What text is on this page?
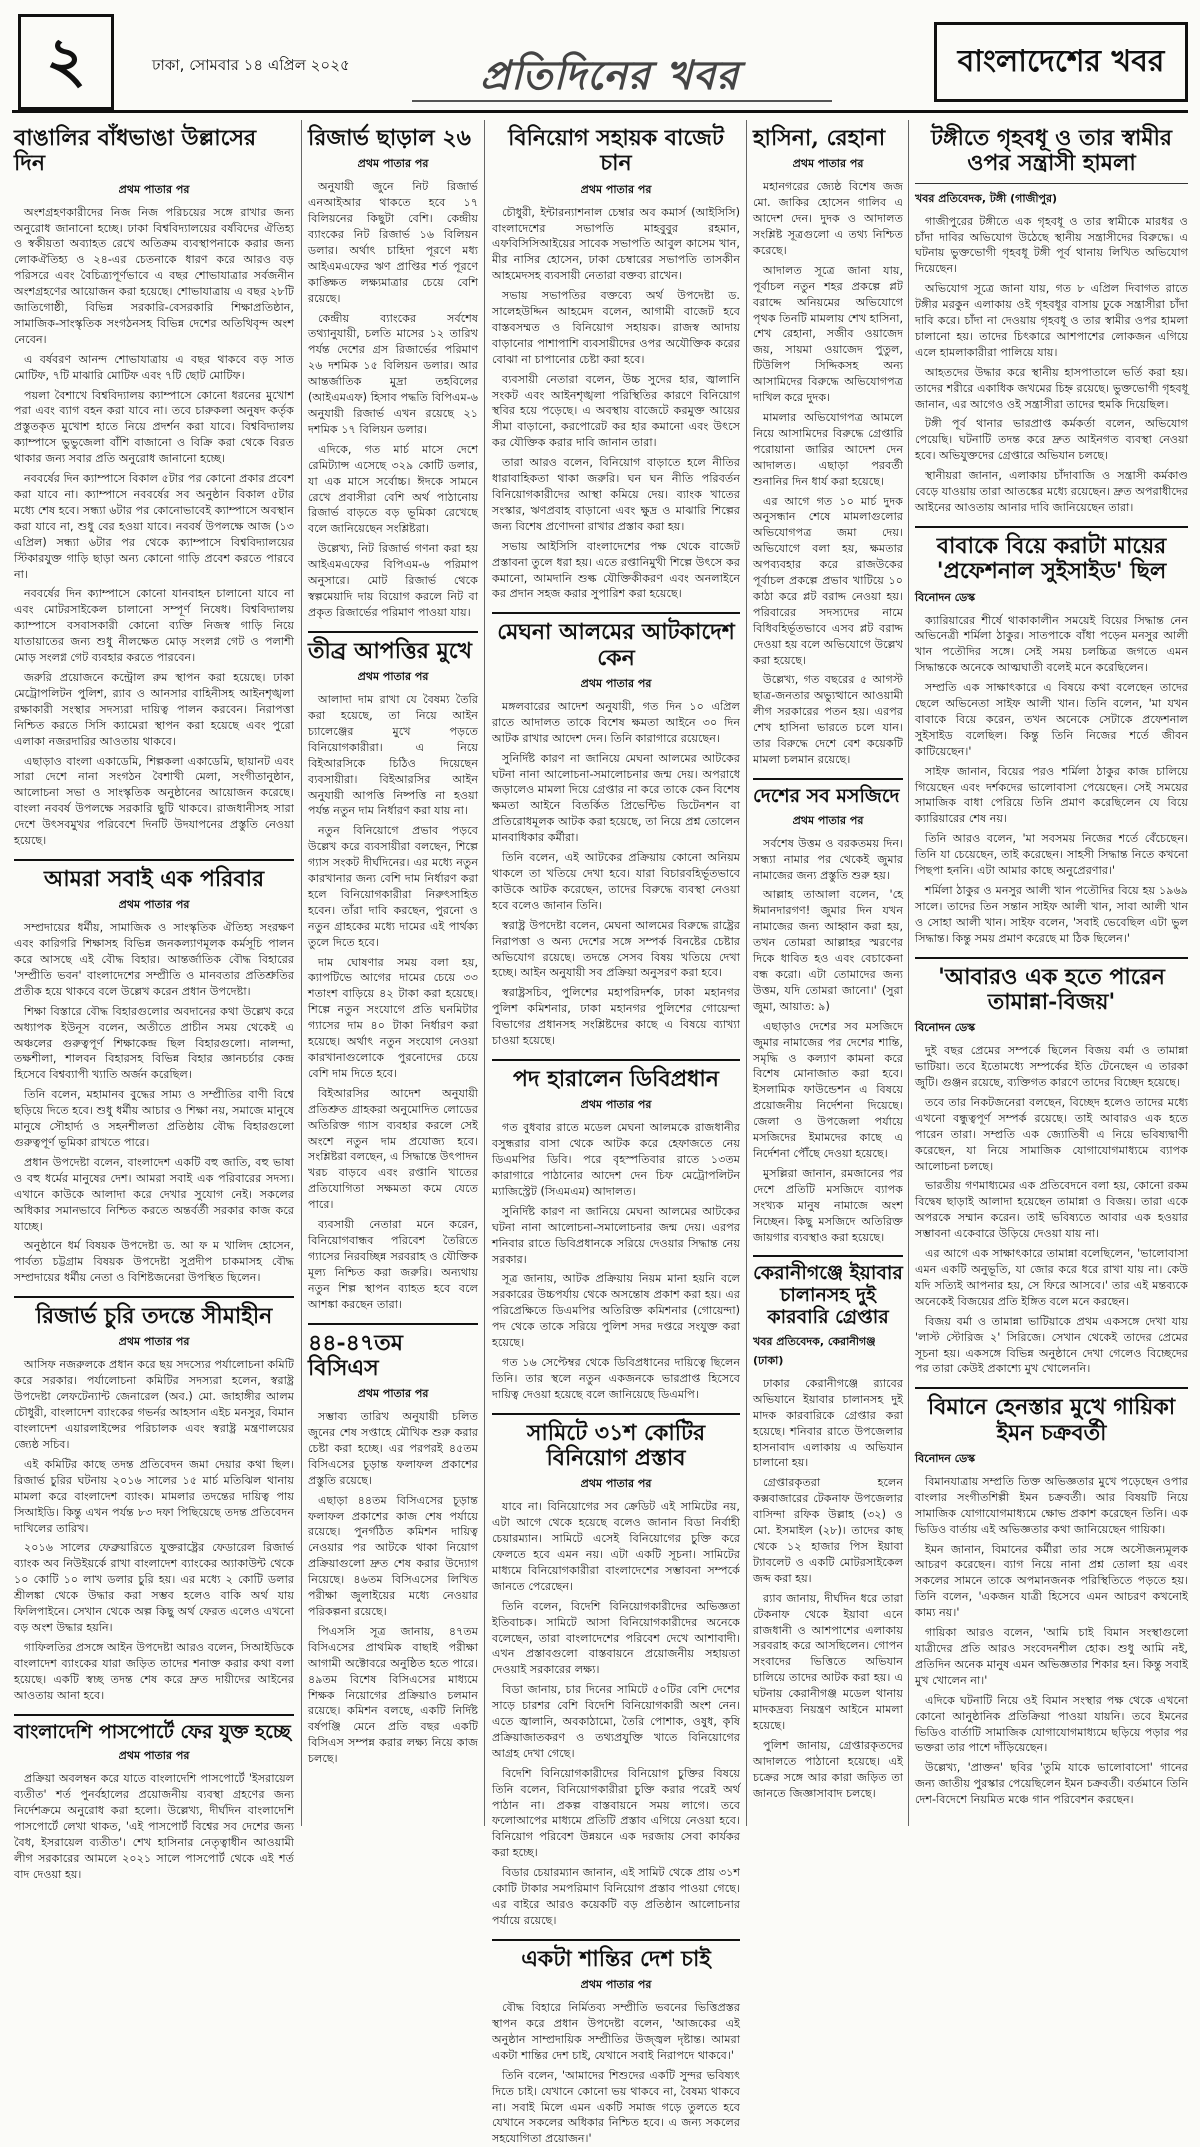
২	ঢাকা, সোমবার ১৪ এপ্রিল ২০২৫	প্রতিদিনের খবর	বাংলাদেশের খবর
বাঙালির বাঁধভাঙা উল্লাসের দিন
প্রথম পাতার পর

অংশগ্রহণকারীদের নিজ নিজ পরিচয়ের সঙ্গে রাখার জন্য অনুরোধ জানানো হচ্ছে। ঢাকা বিশ্ববিদ্যালয়ের বর্ষবিদের ঐতিহ্য ও স্বকীয়তা অব্যাহত রেখে অতিক্রম ব্যবস্থাপনাকে করার জন্য লোকঐতিহ্য ও ২৪-এর চেতনাকে ধারণ করে আরও বড় পরিসরে এবং বৈচিত্র্যপূর্ণভাবে এ বছর শোভাযাত্রার সর্বজনীন অংশগ্রহণের আয়োজন করা হয়েছে। শোভাযাত্রায় এ বছর ২৮টি জাতিগোষ্ঠী, বিভিন্ন সরকারি-বেসরকারি শিক্ষাপ্রতিষ্ঠান, সামাজিক-সাংস্কৃতিক সংগঠনসহ বিভিন্ন দেশের অতিথিবৃন্দ অংশ নেবেন।

এ বর্ষবরণ আনন্দ শোভাযাত্রায় এ বছর থাকবে বড় সাত মোটিফ, ৭টি মাঝারি মোটিফ এবং ৭টি ছোট মোটিফ।

পয়লা বৈশাখে বিশ্ববিদ্যালয় ক্যাম্পাসে কোনো ধরনের মুখোশ পরা এবং ব্যাগ বহন করা যাবে না। তবে চারুকলা অনুষদ কর্তৃক প্রস্তুতকৃত মুখোশ হাতে নিয়ে প্রদর্শন করা যাবে। বিশ্ববিদ্যালয় ক্যাম্পাসে ভুভুজেলা বাঁশি বাজানো ও বিক্রি করা থেকে বিরত থাকার জন্য সবার প্রতি অনুরোধ জানানো হচ্ছে।

নববর্ষের দিন ক্যাম্পাসে বিকাল ৫টার পর কোনো প্রকার প্রবেশ করা যাবে না। ক্যাম্পাসে নববর্ষের সব অনুষ্ঠান বিকাল ৫টার মধ্যে শেষ হবে। সন্ধ্যা ৬টার পর কোনোভাবেই ক্যাম্পাসে অবস্থান করা যাবে না, শুধু বের হওয়া যাবে। নববর্ষ উপলক্ষে আজ (১৩ এপ্রিল) সন্ধ্যা ৬টার পর থেকে ক্যাম্পাসে বিশ্ববিদ্যালয়ের স্টিকারযুক্ত গাড়ি ছাড়া অন্য কোনো গাড়ি প্রবেশ করতে পারবে না।

নববর্ষের দিন ক্যাম্পাসে কোনো যানবাহন চালানো যাবে না এবং মোটরসাইকেল চালানো সম্পূর্ণ নিষেধ। বিশ্ববিদ্যালয় ক্যাম্পাসে বসবাসকারী কোনো ব্যক্তি নিজস্ব গাড়ি নিয়ে যাতায়াতের জন্য শুধু নীলক্ষেত মোড় সংলগ্ন গেট ও পলাশী মোড় সংলগ্ন গেট ব্যবহার করতে পারবেন।

জরুরি প্রয়োজনে কন্ট্রোল রুম স্থাপন করা হয়েছে। ঢাকা মেট্রোপলিটন পুলিশ, র‍্যাব ও আনসার বাহিনীসহ আইনশৃঙ্খলা রক্ষাকারী সংস্থার সদস্যরা দায়িত্ব পালন করবেন। নিরাপত্তা নিশ্চিত করতে সিসি ক্যামেরা স্থাপন করা হয়েছে এবং পুরো এলাকা নজরদারির আওতায় থাকবে।

এছাড়াও বাংলা একাডেমি, শিল্পকলা একাডেমি, ছায়ানট এবং সারা দেশে নানা সংগঠন বৈশাখী মেলা, সংগীতানুষ্ঠান, আলোচনা সভা ও সাংস্কৃতিক অনুষ্ঠানের আয়োজন করেছে। বাংলা নববর্ষ উপলক্ষে সরকারি ছুটি থাকবে। রাজধানীসহ সারা দেশে উৎসবমুখর পরিবেশে দিনটি উদযাপনের প্রস্তুতি নেওয়া হয়েছে।

আমরা সবাই এক পরিবার
প্রথম পাতার পর

সম্প্রদায়ের ধর্মীয়, সামাজিক ও সাংস্কৃতিক ঐতিহ্য সংরক্ষণ এবং কারিগরি শিক্ষাসহ বিভিন্ন জনকল্যাণমূলক কর্মসূচি পালন করে আসছে এই বৌদ্ধ বিহার। আন্তর্জাতিক বৌদ্ধ বিহারের 'সম্প্রীতি ভবন' বাংলাদেশের সম্প্রীতি ও মানবতার প্রতিশ্রুতির প্রতীক হয়ে থাকবে বলে উল্লেখ করেন প্রধান উপদেষ্টা।

শিক্ষা বিস্তারে বৌদ্ধ বিহারগুলোর অবদানের কথা উল্লেখ করে অধ্যাপক ইউনূস বলেন, অতীতে প্রাচীন সময় থেকেই এ অঞ্চলের গুরুত্বপূর্ণ শিক্ষাকেন্দ্র ছিল বিহারগুলো। নালন্দা, তক্ষশীলা, শালবন বিহারসহ বিভিন্ন বিহার জ্ঞানচর্চার কেন্দ্র হিসেবে বিশ্বব্যাপী খ্যাতি অর্জন করেছিল।

তিনি বলেন, মহামানব বুদ্ধের সাম্য ও সম্প্রীতির বাণী বিশ্বে ছড়িয়ে দিতে হবে। শুধু ধর্মীয় আচার ও শিক্ষা নয়, সমাজে মানুষে মানুষে সৌহার্দ্য ও সহনশীলতা প্রতিষ্ঠায় বৌদ্ধ বিহারগুলো গুরুত্বপূর্ণ ভূমিকা রাখতে পারে।

প্রধান উপদেষ্টা বলেন, বাংলাদেশ একটি বহু জাতি, বহু ভাষা ও বহু ধর্মের মানুষের দেশ। আমরা সবাই এক পরিবারের সদস্য। এখানে কাউকে আলাদা করে দেখার সুযোগ নেই। সকলের অধিকার সমানভাবে নিশ্চিত করতে অন্তর্বর্তী সরকার কাজ করে যাচ্ছে।

অনুষ্ঠানে ধর্ম বিষয়ক উপদেষ্টা ড. আ ফ ম খালিদ হোসেন, পার্বত্য চট্টগ্রাম বিষয়ক উপদেষ্টা সুপ্রদীপ চাকমাসহ বৌদ্ধ সম্প্রদায়ের ধর্মীয় নেতা ও বিশিষ্টজনেরা উপস্থিত ছিলেন।

রিজার্ভ চুরি তদন্তে সীমাহীন
প্রথম পাতার পর

আসিফ নজরুলকে প্রধান করে ছয় সদস্যের পর্যালোচনা কমিটি করে সরকার। পর্যালোচনা কমিটির সদস্যরা হলেন, স্বরাষ্ট্র উপদেষ্টা লেফটেন্যান্ট জেনারেল (অব.) মো. জাহাঙ্গীর আলম চৌধুরী, বাংলাদেশ ব্যাংকের গভর্নর আহসান এইচ মনসুর, বিমান বাংলাদেশ এয়ারলাইন্সের পরিচালক এবং স্বরাষ্ট্র মন্ত্রণালয়ের জ্যেষ্ঠ সচিব।

এই কমিটির কাছে তদন্ত প্রতিবেদন জমা দেয়ার কথা ছিল। রিজার্ভ চুরির ঘটনায় ২০১৬ সালের ১৫ মার্চ মতিঝিল থানায় মামলা করে বাংলাদেশ ব্যাংক। মামলার তদন্তের দায়িত্ব পায় সিআইডি। কিন্তু এখন পর্যন্ত ৮৩ দফা পিছিয়েছে তদন্ত প্রতিবেদন দাখিলের তারিখ।

২০১৬ সালের ফেব্রুয়ারিতে যুক্তরাষ্ট্রের ফেডারেল রিজার্ভ ব্যাংক অব নিউইয়র্কে রাখা বাংলাদেশ ব্যাংকের অ্যাকাউন্ট থেকে ১০ কোটি ১০ লাখ ডলার চুরি হয়। এর মধ্যে ২ কোটি ডলার শ্রীলঙ্কা থেকে উদ্ধার করা সম্ভব হলেও বাকি অর্থ যায় ফিলিপাইনে। সেখান থেকে অল্প কিছু অর্থ ফেরত এলেও এখনো বড় অংশ উদ্ধার হয়নি।

গাফিলতির প্রসঙ্গে আইন উপদেষ্টা আরও বলেন, সিআইডিকে বাংলাদেশ ব্যাংকের যারা জড়িত তাদের শনাক্ত করার কথা বলা হয়েছে। একটি স্বচ্ছ তদন্ত শেষ করে দ্রুত দায়ীদের আইনের আওতায় আনা হবে।

বাংলাদেশি পাসপোর্টে ফের যুক্ত হচ্ছে
প্রথম পাতার পর

প্রক্রিয়া অবলম্বন করে যাতে বাংলাদেশি পাসপোর্টে 'ইসরায়েল ব্যতীত' শর্ত পুনর্বহালের প্রয়োজনীয় ব্যবস্থা গ্রহণের জন্য নির্দেশক্রমে অনুরোধ করা হলো। উল্লেখ্য, দীর্ঘদিন বাংলাদেশি পাসপোর্টে লেখা থাকত, 'এই পাসপোর্ট বিশ্বের সব দেশের জন্য বৈধ, ইসরায়েল ব্যতীত'। শেখ হাসিনার নেতৃত্বাধীন আওয়ামী লীগ সরকারের আমলে ২০২১ সালে পাসপোর্ট থেকে এই শর্ত বাদ দেওয়া হয়।

রিজার্ভ ছাড়াল ২৬
প্রথম পাতার পর

অনুযায়ী জুনে নিট রিজার্ভ এনআইআর থাকতে হবে ১৭ বিলিয়নের কিছুটা বেশি। কেন্দ্রীয় ব্যাংকের নিট রিজার্ভ ১৬ বিলিয়ন ডলার। অর্থাৎ চাহিদা পূরণে মধ্য আইএমএফের ঋণ প্রাপ্তির শর্ত পূরণে কাঙ্ক্ষিত লক্ষ্যমাত্রার চেয়ে বেশি রয়েছে।

কেন্দ্রীয় ব্যাংকের সর্বশেষ তথ্যানুযায়ী, চলতি মাসের ১২ তারিখ পর্যন্ত দেশের গ্রস রিজার্ভের পরিমাণ ২৬ দশমিক ১৫ বিলিয়ন ডলার। আর আন্তর্জাতিক মুদ্রা তহবিলের (আইএমএফ) হিসাব পদ্ধতি বিপিএম-৬ অনুযায়ী রিজার্ভ এখন রয়েছে ২১ দশমিক ১৭ বিলিয়ন ডলার।

এদিকে, গত মার্চ মাসে দেশে রেমিট্যান্স এসেছে ৩২৯ কোটি ডলার, যা এক মাসে সর্বোচ্চ। ঈদকে সামনে রেখে প্রবাসীরা বেশি অর্থ পাঠানোয় রিজার্ভ বাড়তে বড় ভূমিকা রেখেছে বলে জানিয়েছেন সংশ্লিষ্টরা।

উল্লেখ্য, নিট রিজার্ভ গণনা করা হয় আইএমএফের বিপিএম-৬ পরিমাপ অনুসারে। মোট রিজার্ভ থেকে স্বল্পমেয়াদি দায় বিয়োগ করলে নিট বা প্রকৃত রিজার্ভের পরিমাণ পাওয়া যায়।

তীব্র আপত্তির মুখে
প্রথম পাতার পর

আলাদা দাম রাখা যে বৈষম্য তৈরি করা হয়েছে, তা নিয়ে আইন চ্যালেঞ্জের মুখে পড়তে বিনিয়োগকারীরা। এ নিয়ে বিইআরসিকে চিঠিও দিয়েছেন ব্যবসায়ীরা। বিইআরসির আইন অনুযায়ী আপত্তি নিষ্পত্তি না হওয়া পর্যন্ত নতুন দাম নির্ধারণ করা যায় না।

নতুন বিনিয়োগে প্রভাব পড়বে উল্লেখ করে ব্যবসায়ীরা বলছেন, শিল্পে গ্যাস সংকট দীর্ঘদিনের। এর মধ্যে নতুন কারখানার জন্য বেশি দাম নির্ধারণ করা হলে বিনিয়োগকারীরা নিরুৎসাহিত হবেন। তাঁরা দাবি করছেন, পুরনো ও নতুন গ্রাহকের মধ্যে দামের এই পার্থক্য তুলে দিতে হবে।

দাম ঘোষণার সময় বলা হয়, ক্যাপটিভে আগের দামের চেয়ে ৩৩ শতাংশ বাড়িয়ে ৪২ টাকা করা হয়েছে। শিল্পে নতুন সংযোগে প্রতি ঘনমিটার গ্যাসের দাম ৪০ টাকা নির্ধারণ করা হয়েছে। অর্থাৎ নতুন সংযোগ নেওয়া কারখানাগুলোকে পুরনোদের চেয়ে বেশি দাম দিতে হবে।

বিইআরসির আদেশ অনুযায়ী প্রতিশ্রুত গ্রাহকরা অনুমোদিত লোডের অতিরিক্ত গ্যাস ব্যবহার করলে সেই অংশে নতুন দাম প্রযোজ্য হবে। সংশ্লিষ্টরা বলছেন, এ সিদ্ধান্তে উৎপাদন খরচ বাড়বে এবং রপ্তানি খাতের প্রতিযোগিতা সক্ষমতা কমে যেতে পারে।

ব্যবসায়ী নেতারা মনে করেন, বিনিয়োগবান্ধব পরিবেশ তৈরিতে গ্যাসের নিরবচ্ছিন্ন সরবরাহ ও যৌক্তিক মূল্য নিশ্চিত করা জরুরি। অন্যথায় নতুন শিল্প স্থাপন ব্যাহত হবে বলে আশঙ্কা করছেন তারা।

৪৪-৪৭তম বিসিএস
প্রথম পাতার পর

সম্ভাব্য তারিখ অনুযায়ী চলিত জুনের শেষ সপ্তাহে মৌখিক শুরু করার চেষ্টা করা হচ্ছে। এর পরপরই ৪৫তম বিসিএসের চূড়ান্ত ফলাফল প্রকাশের প্রস্তুতি রয়েছে।

এছাড়া ৪৪তম বিসিএসের চূড়ান্ত ফলাফল প্রকাশের কাজ শেষ পর্যায়ে রয়েছে। পুনর্গঠিত কমিশন দায়িত্ব নেওয়ার পর আটকে থাকা নিয়োগ প্রক্রিয়াগুলো দ্রুত শেষ করার উদ্যোগ নিয়েছে। ৪৬তম বিসিএসের লিখিত পরীক্ষা জুলাইয়ের মধ্যে নেওয়ার পরিকল্পনা রয়েছে।

পিএসসি সূত্র জানায়, ৪৭তম বিসিএসের প্রাথমিক বাছাই পরীক্ষা আগামী অক্টোবরে অনুষ্ঠিত হতে পারে। ৪৯তম বিশেষ বিসিএসের মাধ্যমে শিক্ষক নিয়োগের প্রক্রিয়াও চলমান রয়েছে। কমিশন বলছে, একটি নির্দিষ্ট বর্ষপঞ্জি মেনে প্রতি বছর একটি বিসিএস সম্পন্ন করার লক্ষ্য নিয়ে কাজ চলছে।

বিনিয়োগ সহায়ক বাজেট চান
প্রথম পাতার পর

চৌধুরী, ইন্টারন্যাশনাল চেম্বার অব কমার্স (আইসিসি) বাংলাদেশের সভাপতি মাহবুবুর রহমান, এফবিসিসিআইয়ের সাবেক সভাপতি আবুল কাসেম খান, মীর নাসির হোসেন, ঢাকা চেম্বারের সভাপতি তাসকীন আহমেদসহ ব্যবসায়ী নেতারা বক্তব্য রাখেন।

সভায় সভাপতির বক্তব্যে অর্থ উপদেষ্টা ড. সালেহউদ্দিন আহমেদ বলেন, আগামী বাজেট হবে বাস্তবসম্মত ও বিনিয়োগ সহায়ক। রাজস্ব আদায় বাড়ানোর পাশাপাশি ব্যবসায়ীদের ওপর অযৌক্তিক করের বোঝা না চাপানোর চেষ্টা করা হবে।

ব্যবসায়ী নেতারা বলেন, উচ্চ সুদের হার, জ্বালানি সংকট এবং আইনশৃঙ্খলা পরিস্থিতির কারণে বিনিয়োগ স্থবির হয়ে পড়েছে। এ অবস্থায় বাজেটে করমুক্ত আয়ের সীমা বাড়ানো, করপোরেট কর হার কমানো এবং উৎসে কর যৌক্তিক করার দাবি জানান তারা।

তারা আরও বলেন, বিনিয়োগ বাড়াতে হলে নীতির ধারাবাহিকতা থাকা জরুরি। ঘন ঘন নীতি পরিবর্তন বিনিয়োগকারীদের আস্থা কমিয়ে দেয়। ব্যাংক খাতের সংস্কার, ঋণপ্রবাহ বাড়ানো এবং ক্ষুদ্র ও মাঝারি শিল্পের জন্য বিশেষ প্রণোদনা রাখার প্রস্তাব করা হয়।

সভায় আইসিসি বাংলাদেশের পক্ষ থেকে বাজেট প্রস্তাবনা তুলে ধরা হয়। এতে রপ্তানিমুখী শিল্পে উৎসে কর কমানো, আমদানি শুল্ক যৌক্তিকীকরণ এবং অনলাইনে কর প্রদান সহজ করার সুপারিশ করা হয়েছে।

মেঘনা আলমের আটকাদেশ কেন
প্রথম পাতার পর

মঙ্গলবারের আদেশ অনুযায়ী, গত দিন ১০ এপ্রিল রাতে আদালত তাকে বিশেষ ক্ষমতা আইনে ৩০ দিন আটক রাখার আদেশ দেন। তিনি কারাগারে রয়েছেন।

সুনির্দিষ্ট কারণ না জানিয়ে মেঘনা আলমের আটকের ঘটনা নানা আলোচনা-সমালোচনার জন্ম দেয়। অপরাধে জড়ালেও মামলা দিয়ে গ্রেপ্তার না করে তাকে কেন বিশেষ ক্ষমতা আইনে বিতর্কিত প্রিভেন্টিভ ডিটেনশন বা প্রতিরোধমূলক আটক করা হয়েছে, তা নিয়ে প্রশ্ন তোলেন মানবাধিকার কর্মীরা।

তিনি বলেন, এই আটকের প্রক্রিয়ায় কোনো অনিয়ম থাকলে তা খতিয়ে দেখা হবে। যারা বিচারবহির্ভূতভাবে কাউকে আটক করেছেন, তাদের বিরুদ্ধে ব্যবস্থা নেওয়া হবে বলেও জানান তিনি।

স্বরাষ্ট্র উপদেষ্টা বলেন, মেঘনা আলমের বিরুদ্ধে রাষ্ট্রের নিরাপত্তা ও অন্য দেশের সঙ্গে সম্পর্ক বিনষ্টের চেষ্টার অভিযোগ রয়েছে। তদন্তে সেসব বিষয় খতিয়ে দেখা হচ্ছে। আইন অনুযায়ী সব প্রক্রিয়া অনুসরণ করা হবে।

স্বরাষ্ট্রসচিব, পুলিশের মহাপরিদর্শক, ঢাকা মহানগর পুলিশ কমিশনার, ঢাকা মহানগর পুলিশের গোয়েন্দা বিভাগের প্রধানসহ সংশ্লিষ্টদের কাছে এ বিষয়ে ব্যাখ্যা চাওয়া হয়েছে।

পদ হারালেন ডিবিপ্রধান
প্রথম পাতার পর

গত বুধবার রাতে মডেল মেঘনা আলমকে রাজধানীর বসুন্ধরার বাসা থেকে আটক করে হেফাজতে নেয় ডিএমপির ডিবি। পরে বৃহস্পতিবার রাতে ১৩তম কারাগারে পাঠানোর আদেশ দেন চিফ মেট্রোপলিটন ম্যাজিস্ট্রেট (সিএমএম) আদালত।

সুনির্দিষ্ট কারণ না জানিয়ে মেঘনা আলমের আটকের ঘটনা নানা আলোচনা-সমালোচনার জন্ম দেয়। এরপর শনিবার রাতে ডিবিপ্রধানকে সরিয়ে দেওয়ার সিদ্ধান্ত নেয় সরকার।

সূত্র জানায়, আটক প্রক্রিয়ায় নিয়ম মানা হয়নি বলে সরকারের উচ্চপর্যায় থেকে অসন্তোষ প্রকাশ করা হয়। এর পরিপ্রেক্ষিতে ডিএমপির অতিরিক্ত কমিশনার (গোয়েন্দা) পদ থেকে তাকে সরিয়ে পুলিশ সদর দপ্তরে সংযুক্ত করা হয়েছে।

গত ১৬ সেপ্টেম্বর থেকে ডিবিপ্রধানের দায়িত্বে ছিলেন তিনি। তার স্থলে নতুন একজনকে ভারপ্রাপ্ত হিসেবে দায়িত্ব দেওয়া হয়েছে বলে জানিয়েছে ডিএমপি।

সামিটে ৩১শ কোটির বিনিয়োগ প্রস্তাব
প্রথম পাতার পর

যাবে না। বিনিয়োগের সব ক্রেডিট এই সামিটের নয়, এটা আগে থেকে হয়েছে বলেও জানান বিডা নির্বাহী চেয়ারম্যান। সামিটে এসেই বিনিয়োগের চুক্তি করে ফেলতে হবে এমন নয়। এটা একটি সূচনা। সামিটের মাধ্যমে বিনিয়োগকারীরা বাংলাদেশের সম্ভাবনা সম্পর্কে জানতে পেরেছেন।

তিনি বলেন, বিদেশি বিনিয়োগকারীদের অভিজ্ঞতা ইতিবাচক। সামিটে আসা বিনিয়োগকারীদের অনেকে বলেছেন, তারা বাংলাদেশের পরিবেশ দেখে আশাবাদী। এখন প্রস্তাবগুলো বাস্তবায়নে প্রয়োজনীয় সহায়তা দেওয়াই সরকারের লক্ষ্য।

বিডা জানায়, চার দিনের সামিটে ৫০টির বেশি দেশের সাড়ে চারশর বেশি বিদেশি বিনিয়োগকারী অংশ নেন। এতে জ্বালানি, অবকাঠামো, তৈরি পোশাক, ওষুধ, কৃষি প্রক্রিয়াজাতকরণ ও তথ্যপ্রযুক্তি খাতে বিনিয়োগের আগ্রহ দেখা গেছে।

বিদেশি বিনিয়োগকারীদের বিনিয়োগ চুক্তির বিষয়ে তিনি বলেন, বিনিয়োগকারীরা চুক্তি করার পরেই অর্থ পাঠান না। প্রকল্প বাস্তবায়নে সময় লাগে। তবে ফলোআপের মাধ্যমে প্রতিটি প্রস্তাব এগিয়ে নেওয়া হবে। বিনিয়োগ পরিবেশ উন্নয়নে এক দরজায় সেবা কার্যকর করা হচ্ছে।

বিডার চেয়ারম্যান জানান, এই সামিট থেকে প্রায় ৩১শ কোটি টাকার সমপরিমাণ বিনিয়োগ প্রস্তাব পাওয়া গেছে। এর বাইরে আরও কয়েকটি বড় প্রতিষ্ঠান আলোচনার পর্যায়ে রয়েছে।

একটা শান্তির দেশ চাই
প্রথম পাতার পর

বৌদ্ধ বিহারে নির্মিতব্য সম্প্রীতি ভবনের ভিত্তিপ্রস্তর স্থাপন করে প্রধান উপদেষ্টা বলেন, 'আজকের এই অনুষ্ঠান সাম্প্রদায়িক সম্প্রীতির উজ্জ্বল দৃষ্টান্ত। আমরা একটা শান্তির দেশ চাই, যেখানে সবাই নিরাপদে থাকবে।'

তিনি বলেন, 'আমাদের শিশুদের একটি সুন্দর ভবিষ্যৎ দিতে চাই। যেখানে কোনো ভয় থাকবে না, বৈষম্য থাকবে না। সবাই মিলে এমন একটি সমাজ গড়ে তুলতে হবে যেখানে সকলের অধিকার নিশ্চিত হবে। এ জন্য সকলের সহযোগিতা প্রয়োজন।'

হাসিনা, রেহানা
প্রথম পাতার পর

মহানগরের জ্যেষ্ঠ বিশেষ জজ মো. জাকির হোসেন গালিব এ আদেশ দেন। দুদক ও আদালত সংশ্লিষ্ট সূত্রগুলো এ তথ্য নিশ্চিত করেছে।

আদালত সূত্রে জানা যায়, পূর্বাচল নতুন শহর প্রকল্পে প্লট বরাদ্দে অনিয়মের অভিযোগে পৃথক তিনটি মামলায় শেখ হাসিনা, শেখ রেহানা, সজীব ওয়াজেদ জয়, সায়মা ওয়াজেদ পুতুল, টিউলিপ সিদ্দিকসহ অন্য আসামিদের বিরুদ্ধে অভিযোগপত্র দাখিল করে দুদক।

মামলার অভিযোগপত্র আমলে নিয়ে আসামিদের বিরুদ্ধে গ্রেপ্তারি পরোয়ানা জারির আদেশ দেন আদালত। এছাড়া পরবর্তী শুনানির দিন ধার্য করা হয়েছে।

এর আগে গত ১০ মার্চ দুদক অনুসন্ধান শেষে মামলাগুলোর অভিযোগপত্র জমা দেয়। অভিযোগে বলা হয়, ক্ষমতার অপব্যবহার করে রাজউকের পূর্বাচল প্রকল্পে প্রভাব খাটিয়ে ১০ কাঠা করে প্লট বরাদ্দ নেওয়া হয়। পরিবারের সদস্যদের নামে বিধিবহির্ভূতভাবে এসব প্লট বরাদ্দ দেওয়া হয় বলে অভিযোগে উল্লেখ করা হয়েছে।

উল্লেখ্য, গত বছরের ৫ আগস্ট ছাত্র-জনতার অভ্যুত্থানে আওয়ামী লীগ সরকারের পতন হয়। এরপর শেখ হাসিনা ভারতে চলে যান। তার বিরুদ্ধে দেশে বেশ কয়েকটি মামলা চলমান রয়েছে।

দেশের সব মসজিদে
প্রথম পাতার পর

সর্বশেষ উত্তম ও বরকতময় দিন। সন্ধ্যা নামার পর থেকেই জুমার নামাজের জন্য প্রস্তুতি শুরু হয়।

আল্লাহ তাআলা বলেন, 'হে ঈমানদারগণ! জুমার দিন যখন নামাজের জন্য আহ্বান করা হয়, তখন তোমরা আল্লাহর স্মরণের দিকে ধাবিত হও এবং বেচাকেনা বন্ধ করো। এটা তোমাদের জন্য উত্তম, যদি তোমরা জানো।' (সুরা জুমা, আয়াত: ৯)

এছাড়াও দেশের সব মসজিদে জুমার নামাজের পর দেশের শান্তি, সমৃদ্ধি ও কল্যাণ কামনা করে বিশেষ মোনাজাত করা হবে। ইসলামিক ফাউন্ডেশন এ বিষয়ে প্রয়োজনীয় নির্দেশনা দিয়েছে। জেলা ও উপজেলা পর্যায়ে মসজিদের ইমামদের কাছে এ নির্দেশনা পৌঁছে দেওয়া হয়েছে।

মুসল্লিরা জানান, রমজানের পর দেশে প্রতিটি মসজিদে ব্যাপক সংখ্যক মানুষ নামাজে অংশ নিচ্ছেন। কিছু মসজিদে অতিরিক্ত জায়গার ব্যবস্থাও করা হয়েছে।

কেরানীগঞ্জে ইয়াবার চালানসহ দুই কারবারি গ্রেপ্তার
খবর প্রতিবেদক, কেরানীগঞ্জ (ঢাকা)

ঢাকার কেরানীগঞ্জে র‍্যাবের অভিযানে ইয়াবার চালানসহ দুই মাদক কারবারিকে গ্রেপ্তার করা হয়েছে। শনিবার রাতে উপজেলার হাসনাবাদ এলাকায় এ অভিযান চালানো হয়।

গ্রেপ্তারকৃতরা হলেন কক্সবাজারের টেকনাফ উপজেলার বাসিন্দা রফিক উল্লাহ (৩২) ও মো. ইসমাইল (২৮)। তাদের কাছ থেকে ১২ হাজার পিস ইয়াবা ট্যাবলেট ও একটি মোটরসাইকেল জব্দ করা হয়।

র‍্যাব জানায়, দীর্ঘদিন ধরে তারা টেকনাফ থেকে ইয়াবা এনে রাজধানী ও আশপাশের এলাকায় সরবরাহ করে আসছিলেন। গোপন সংবাদের ভিত্তিতে অভিযান চালিয়ে তাদের আটক করা হয়। এ ঘটনায় কেরানীগঞ্জ মডেল থানায় মাদকদ্রব্য নিয়ন্ত্রণ আইনে মামলা হয়েছে।

পুলিশ জানায়, গ্রেপ্তারকৃতদের আদালতে পাঠানো হয়েছে। এই চক্রের সঙ্গে আর কারা জড়িত তা জানতে জিজ্ঞাসাবাদ চলছে।

টঙ্গীতে গৃহবধূ ও তার স্বামীর ওপর সন্ত্রাসী হামলা
খবর প্রতিবেদক, টঙ্গী (গাজীপুর)

গাজীপুরের টঙ্গীতে এক গৃহবধূ ও তার স্বামীকে মারধর ও চাঁদা দাবির অভিযোগ উঠেছে স্থানীয় সন্ত্রাসীদের বিরুদ্ধে। এ ঘটনায় ভুক্তভোগী গৃহবধূ টঙ্গী পূর্ব থানায় লিখিত অভিযোগ দিয়েছেন।

অভিযোগ সূত্রে জানা যায়, গত ৮ এপ্রিল দিবাগত রাতে টঙ্গীর মরকুন এলাকায় ওই গৃহবধূর বাসায় ঢুকে সন্ত্রাসীরা চাঁদা দাবি করে। চাঁদা না দেওয়ায় গৃহবধূ ও তার স্বামীর ওপর হামলা চালানো হয়। তাদের চিৎকারে আশপাশের লোকজন এগিয়ে এলে হামলাকারীরা পালিয়ে যায়।

আহতদের উদ্ধার করে স্থানীয় হাসপাতালে ভর্তি করা হয়। তাদের শরীরে একাধিক জখমের চিহ্ন রয়েছে। ভুক্তভোগী গৃহবধূ জানান, এর আগেও ওই সন্ত্রাসীরা তাদের হুমকি দিয়েছিল।

টঙ্গী পূর্ব থানার ভারপ্রাপ্ত কর্মকর্তা বলেন, অভিযোগ পেয়েছি। ঘটনাটি তদন্ত করে দ্রুত আইনগত ব্যবস্থা নেওয়া হবে। অভিযুক্তদের গ্রেপ্তারে অভিযান চলছে।

স্থানীয়রা জানান, এলাকায় চাঁদাবাজি ও সন্ত্রাসী কর্মকাণ্ড বেড়ে যাওয়ায় তারা আতঙ্কের মধ্যে রয়েছেন। দ্রুত অপরাধীদের আইনের আওতায় আনার দাবি জানিয়েছেন তারা।

বাবাকে বিয়ে করাটা মায়ের 'প্রফেশনাল সুইসাইড' ছিল
বিনোদন ডেস্ক

ক্যারিয়ারের শীর্ষে থাকাকালীন সময়েই বিয়ের সিদ্ধান্ত নেন অভিনেত্রী শর্মিলা ঠাকুর। সাতপাকে বাঁধা পড়েন মনসুর আলী খান পতৌদির সঙ্গে। সেই সময় চলচ্চিত্র জগতে এমন সিদ্ধান্তকে অনেকে আত্মঘাতী বলেই মনে করেছিলেন।

সম্প্রতি এক সাক্ষাৎকারে এ বিষয়ে কথা বলেছেন তাদের ছেলে অভিনেতা সাইফ আলী খান। তিনি বলেন, 'মা যখন বাবাকে বিয়ে করেন, তখন অনেকে সেটাকে প্রফেশনাল সুইসাইড বলেছিল। কিন্তু তিনি নিজের শর্তে জীবন কাটিয়েছেন।'

সাইফ জানান, বিয়ের পরও শর্মিলা ঠাকুর কাজ চালিয়ে গিয়েছেন এবং দর্শকদের ভালোবাসা পেয়েছেন। সেই সময়ের সামাজিক বাধা পেরিয়ে তিনি প্রমাণ করেছিলেন যে বিয়ে ক্যারিয়ারের শেষ নয়।

তিনি আরও বলেন, 'মা সবসময় নিজের শর্তে বেঁচেছেন। তিনি যা চেয়েছেন, তাই করেছেন। সাহসী সিদ্ধান্ত নিতে কখনো পিছপা হননি। এটা আমার কাছে অনুপ্রেরণার।'

শর্মিলা ঠাকুর ও মনসুর আলী খান পতৌদির বিয়ে হয় ১৯৬৯ সালে। তাদের তিন সন্তান সাইফ আলী খান, সাবা আলী খান ও সোহা আলী খান। সাইফ বলেন, 'সবাই ভেবেছিল এটা ভুল সিদ্ধান্ত। কিন্তু সময় প্রমাণ করেছে মা ঠিক ছিলেন।'

'আবারও এক হতে পারেন তামান্না-বিজয়'
বিনোদন ডেস্ক

দুই বছর প্রেমের সম্পর্কে ছিলেন বিজয় বর্মা ও তামান্না ভাটিয়া। তবে ইতোমধ্যে সম্পর্কের ইতি টেনেছেন এ তারকা জুটি। গুঞ্জন রয়েছে, ব্যক্তিগত কারণে তাদের বিচ্ছেদ হয়েছে।

তবে তার নিকটজনেরা বলছেন, বিচ্ছেদ হলেও তাদের মধ্যে এখনো বন্ধুত্বপূর্ণ সম্পর্ক রয়েছে। তাই আবারও এক হতে পারেন তারা। সম্প্রতি এক জ্যোতিষী এ নিয়ে ভবিষ্যদ্বাণী করেছেন, যা নিয়ে সামাজিক যোগাযোগমাধ্যমে ব্যাপক আলোচনা চলছে।

ভারতীয় গণমাধ্যমের এক প্রতিবেদনে বলা হয়, কোনো রকম বিদ্বেষ ছাড়াই আলাদা হয়েছেন তামান্না ও বিজয়। তারা একে অপরকে সম্মান করেন। তাই ভবিষ্যতে আবার এক হওয়ার সম্ভাবনা একেবারে উড়িয়ে দেওয়া যায় না।

এর আগে এক সাক্ষাৎকারে তামান্না বলেছিলেন, 'ভালোবাসা এমন একটি অনুভূতি, যা জোর করে ধরে রাখা যায় না। কেউ যদি সত্যিই আপনার হয়, সে ফিরে আসবে।' তার এই মন্তব্যকে অনেকেই বিজয়ের প্রতি ইঙ্গিত বলে মনে করছেন।

বিজয় বর্মা ও তামান্না ভাটিয়াকে প্রথম একসঙ্গে দেখা যায় 'লাস্ট স্টোরিজ ২' সিরিজে। সেখান থেকেই তাদের প্রেমের সূচনা হয়। একসঙ্গে বিভিন্ন অনুষ্ঠানে দেখা গেলেও বিচ্ছেদের পর তারা কেউই প্রকাশ্যে মুখ খোলেননি।

বিমানে হেনস্তার মুখে গায়িকা ইমন চক্রবর্তী
বিনোদন ডেস্ক

বিমানযাত্রায় সম্প্রতি তিক্ত অভিজ্ঞতার মুখে পড়েছেন ওপার বাংলার সংগীতশিল্পী ইমন চক্রবর্তী। আর বিষয়টি নিয়ে সামাজিক যোগাযোগমাধ্যমে ক্ষোভ প্রকাশ করেছেন তিনি। এক ভিডিও বার্তায় এই অভিজ্ঞতার কথা জানিয়েছেন গায়িকা।

ইমন জানান, বিমানের কর্মীরা তার সঙ্গে অসৌজন্যমূলক আচরণ করেছেন। ব্যাগ নিয়ে নানা প্রশ্ন তোলা হয় এবং সকলের সামনে তাকে অপমানজনক পরিস্থিতিতে পড়তে হয়। তিনি বলেন, 'একজন যাত্রী হিসেবে এমন আচরণ কখনোই কাম্য নয়।'

গায়িকা আরও বলেন, 'আমি চাই বিমান সংস্থাগুলো যাত্রীদের প্রতি আরও সংবেদনশীল হোক। শুধু আমি নই, প্রতিদিন অনেক মানুষ এমন অভিজ্ঞতার শিকার হন। কিন্তু সবাই মুখ খোলেন না।'

এদিকে ঘটনাটি নিয়ে ওই বিমান সংস্থার পক্ষ থেকে এখনো কোনো আনুষ্ঠানিক প্রতিক্রিয়া পাওয়া যায়নি। তবে ইমনের ভিডিও বার্তাটি সামাজিক যোগাযোগমাধ্যমে ছড়িয়ে পড়ার পর ভক্তরা তার পাশে দাঁড়িয়েছেন।

উল্লেখ্য, 'প্রাক্তন' ছবির 'তুমি যাকে ভালোবাসো' গানের জন্য জাতীয় পুরস্কার পেয়েছিলেন ইমন চক্রবর্তী। বর্তমানে তিনি দেশ-বিদেশে নিয়মিত মঞ্চে গান পরিবেশন করছেন।
